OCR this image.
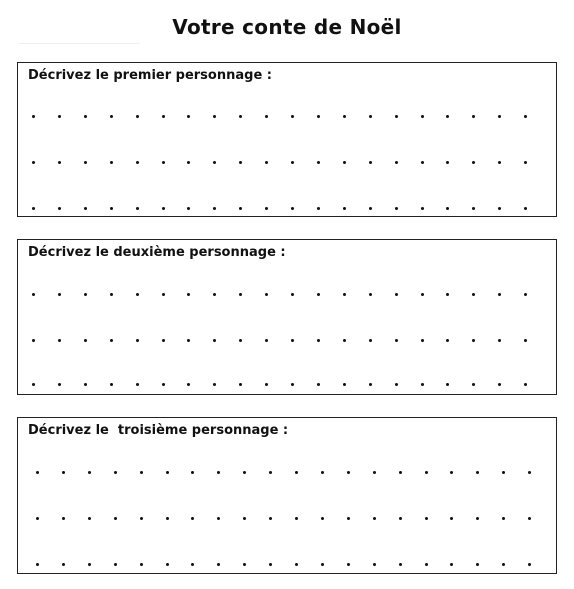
Votre conte de Noël
Décrivez le premier personnage :
Décrivez le deuxième personnage :
Décrivez le  troisième personnage :
